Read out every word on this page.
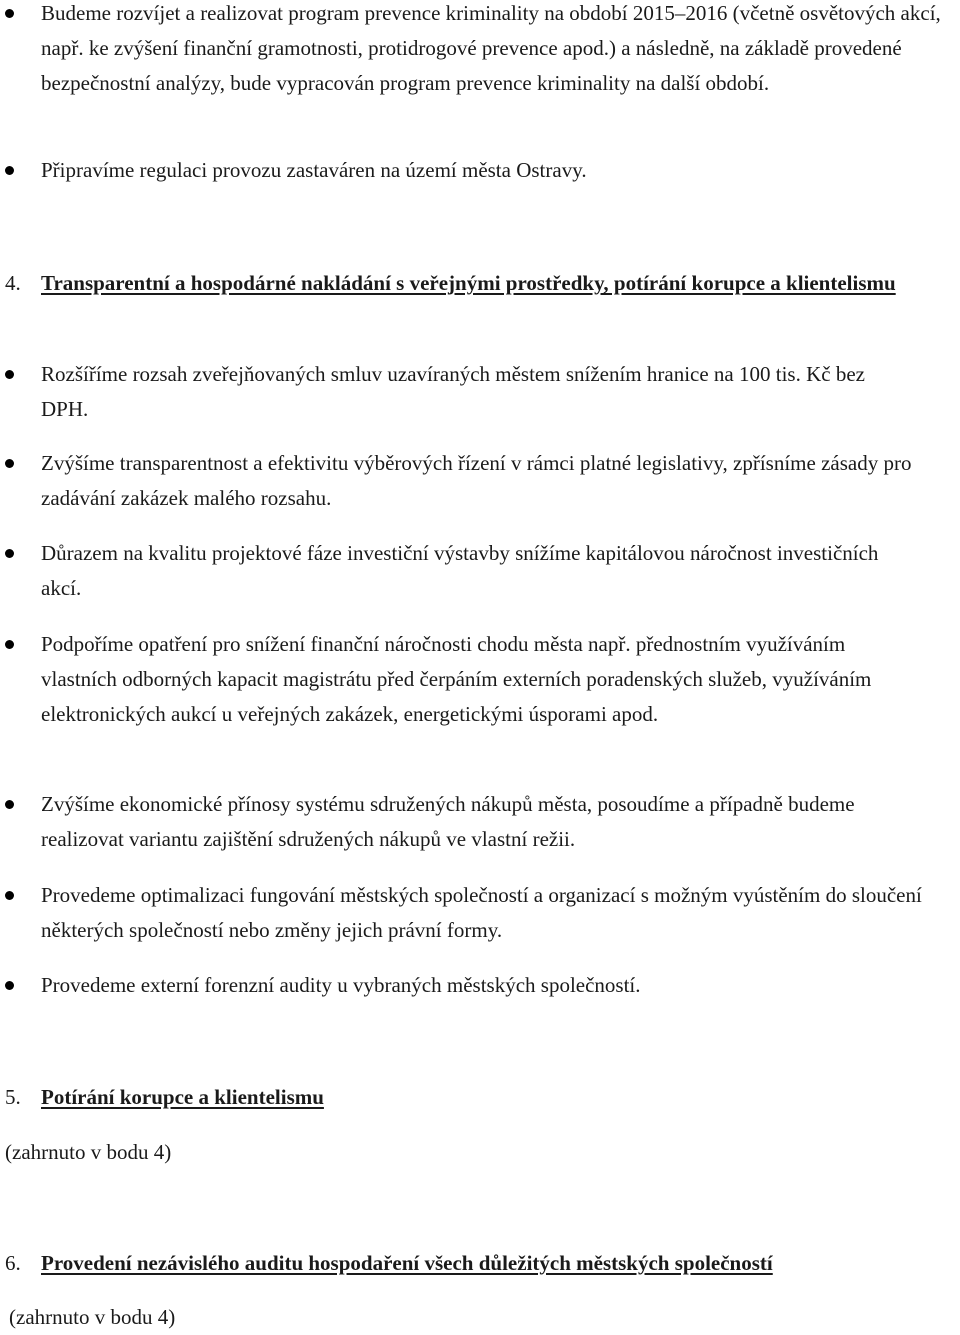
Budeme rozvíjet a realizovat program prevence kriminality na období 2015–2016 (včetně osvětových akcí, např. ke zvýšení finanční gramotnosti, protidrogové prevence apod.) a následně, na základě provedené bezpečnostní analýzy, bude vypracován program prevence kriminality na další období.
Připravíme regulaci provozu zastaváren na území města Ostravy.
4. Transparentní a hospodárné nakládání s veřejnými prostředky, potírání korupce a klientelismu
Rozšíříme rozsah zveřejňovaných smluv uzavíraných městem snížením hranice na 100 tis. Kč bez DPH.
Zvýšíme transparentnost a efektivitu výběrových řízení v rámci platné legislativy, zpřísníme zásady pro zadávání zakázek malého rozsahu.
Důrazem na kvalitu projektové fáze investiční výstavby snížíme kapitálovou náročnost investičních akcí.
Podpoříme opatření pro snížení finanční náročnosti chodu města např. přednostním využíváním vlastních odborných kapacit magistrátu před čerpáním externích poradenských služeb, využíváním elektronických aukcí u veřejných zakázek, energetickými úsporami apod.
Zvýšíme ekonomické přínosy systému sdružených nákupů města, posoudíme a případně budeme realizovat variantu zajištění sdružených nákupů ve vlastní režii.
Provedeme optimalizaci fungování městských společností a organizací s možným vyústěním do sloučení některých společností nebo změny jejich právní formy.
Provedeme externí forenzní audity u vybraných městských společností.
5. Potírání korupce a klientelismu
(zahrnuto v bodu 4)
6. Provedení nezávislého auditu hospodaření všech důležitých městských společností
(zahrnuto v bodu 4)
